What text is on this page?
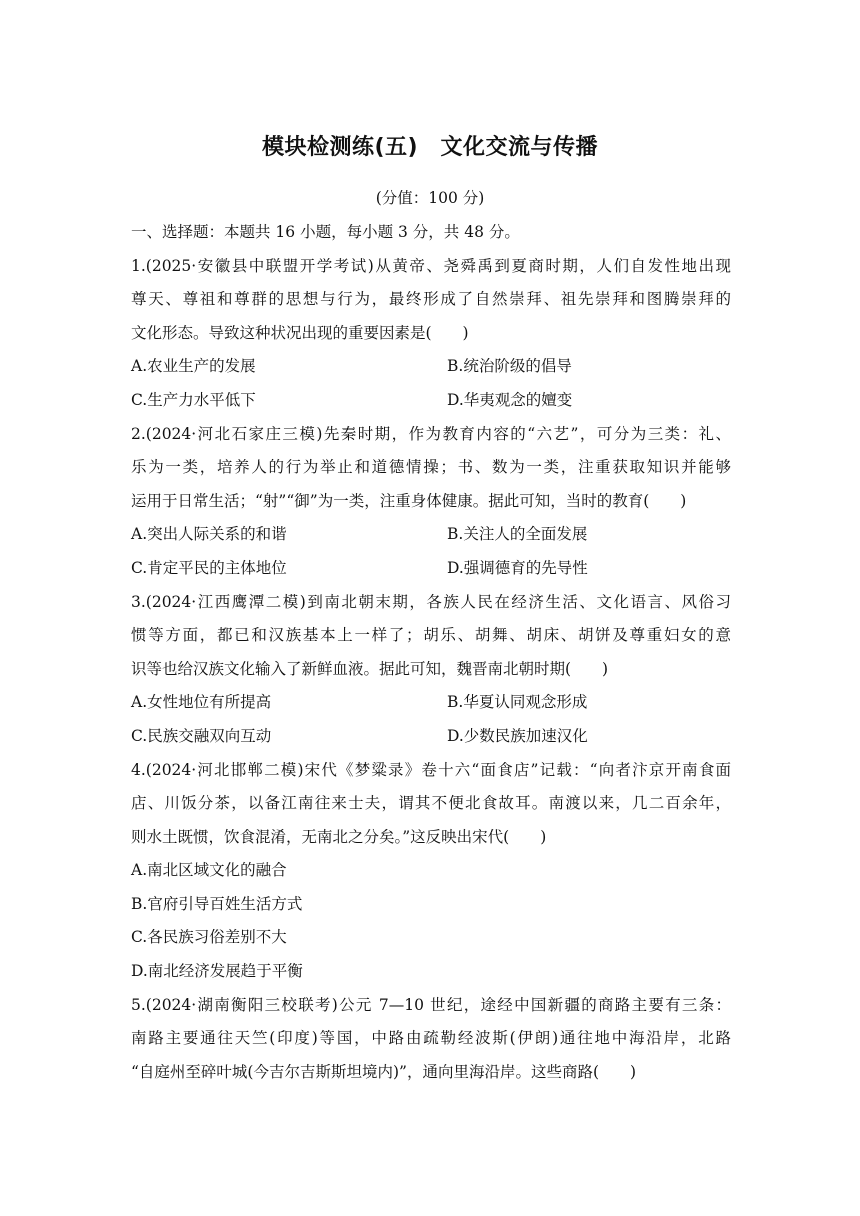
模块检测练(五)　文化交流与传播
(分值：100 分)
一、选择题：本题共 16 小题，每小题 3 分，共 48 分。
1.(2025·安徽县中联盟开学考试)从黄帝、尧舜禹到夏商时期，人们自发性地出现
尊天、尊祖和尊群的思想与行为，最终形成了自然崇拜、祖先崇拜和图腾崇拜的
文化形态。导致这种状况出现的重要因素是(　　)
A.农业生产的发展	B.统治阶级的倡导
C.生产力水平低下	D.华夷观念的嬗变
2.(2024·河北石家庄三模)先秦时期，作为教育内容的“六艺”，可分为三类：礼、
乐为一类，培养人的行为举止和道德情操；书、数为一类，注重获取知识并能够
运用于日常生活；“射”“御”为一类，注重身体健康。据此可知，当时的教育(　　)
A.突出人际关系的和谐	B.关注人的全面发展
C.肯定平民的主体地位	D.强调德育的先导性
3.(2024·江西鹰潭二模)到南北朝末期，各族人民在经济生活、文化语言、风俗习
惯等方面，都已和汉族基本上一样了；胡乐、胡舞、胡床、胡饼及尊重妇女的意
识等也给汉族文化输入了新鲜血液。据此可知，魏晋南北朝时期(　　)
A.女性地位有所提高	B.华夏认同观念形成
C.民族交融双向互动	D.少数民族加速汉化
4.(2024·河北邯郸二模)宋代《梦粱录》卷十六“面食店”记载：“向者汴京开南食面
店、川饭分茶，以备江南往来士夫，谓其不便北食故耳。南渡以来，几二百余年，
则水土既惯，饮食混淆，无南北之分矣。”这反映出宋代(　　)
A.南北区域文化的融合
B.官府引导百姓生活方式
C.各民族习俗差别不大
D.南北经济发展趋于平衡
5.(2024·湖南衡阳三校联考)公元 7—10 世纪，途经中国新疆的商路主要有三条：
南路主要通往天竺(印度)等国，中路由疏勒经波斯(伊朗)通往地中海沿岸，北路
“自庭州至碎叶城(今吉尔吉斯斯坦境内)”，通向里海沿岸。这些商路(　　)
